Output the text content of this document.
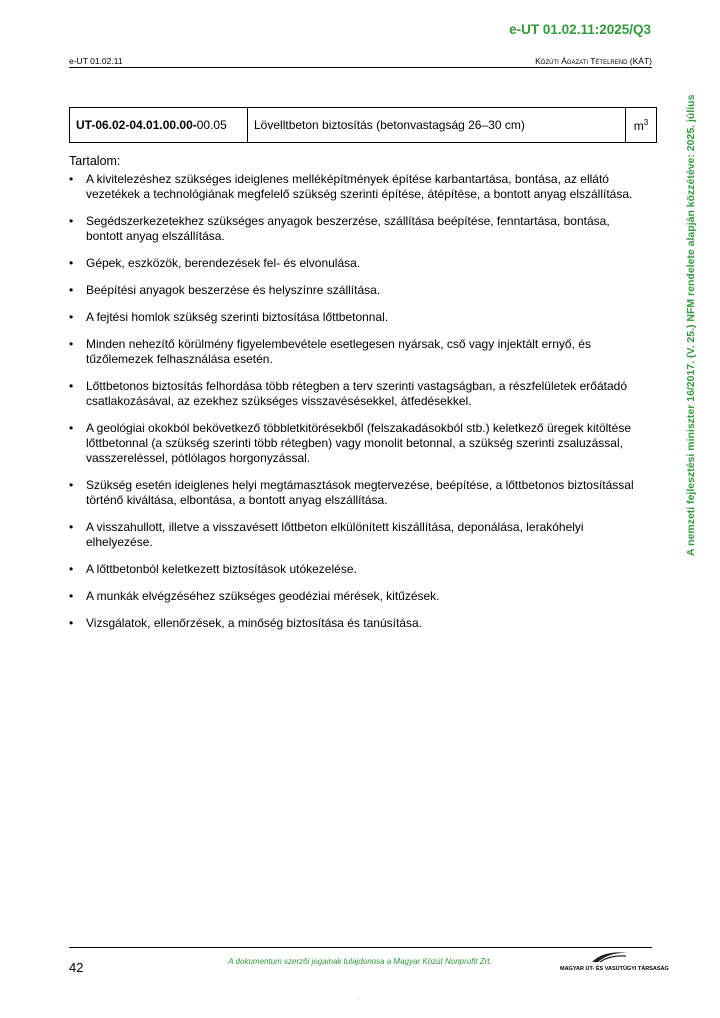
e-UT 01.02.11:2025/Q3
e-UT 01.02.11	Közúti Ágazati Tételrend (KÁT)
A nemzeti fejlesztési miniszter 16/2017. (V. 25.) NFM rendelete alapján közzétéve: 2025. július
UT-06.02-04.01.00.00-00.05	Lövelltbeton biztosítás (betonvastagság 26–30 cm)	$m^3$
Tartalom:
• A kivitelezéshez szükséges ideiglenes melléképítmények építése karbantartása, bontása, az ellátó vezetékek a technológiának megfelelő szükség szerinti építése, átépítése, a bontott anyag elszállítása.
• Segédszerkezetekhez szükséges anyagok beszerzése, szállítása beépítése, fenntartása, bontása, bontott anyag elszállítása.
• Gépek, eszközök, berendezések fel- és elvonulása.
• Beépítési anyagok beszerzése és helyszínre szállítása.
• A fejtési homlok szükség szerinti biztosítása lőttbetonnal.
• Minden nehezítő körülmény figyelembevétele esetlegesen nyársak, cső vagy injektált ernyő, és tűzőlemezek felhasználása esetén.
• Lőttbetonos biztosítás felhordása több rétegben a terv szerinti vastagságban, a részfelületek erőátadó csatlakozásával, az ezekhez szükséges visszavésésekkel, átfedésekkel.
• A geológiai okokból bekövetkező többletkitörésekből (felszakadásokból stb.) keletkező üregek kitöltése lőttbetonnal (a szükség szerinti több rétegben) vagy monolit betonnal, a szükség szerinti zsaluzással, vasszereléssel, pótlólagos horgonyzással.
• Szükség esetén ideiglenes helyi megtámasztások megtervezése, beépítése, a lőttbetonos biztosítással történő kiváltása, elbontása, a bontott anyag elszállítása.
• A visszahullott, illetve a visszavésett lőttbeton elkülönített kiszállítása, deponálása, lerakóhelyi elhelyezése.
• A lőttbetonból keletkezett biztosítások utókezelése.
• A munkák elvégzéséhez szükséges geodéziai mérések, kitűzések.
• Vizsgálatok, ellenőrzések, a minőség biztosítása és tanúsítása.
42	A dokumentum szerzői jogainak tulajdonosa a Magyar Közút Nonprofit Zrt.
MAGYAR ÚT- ÉS VASÚTÜGYI TÁRSASÁG
.
